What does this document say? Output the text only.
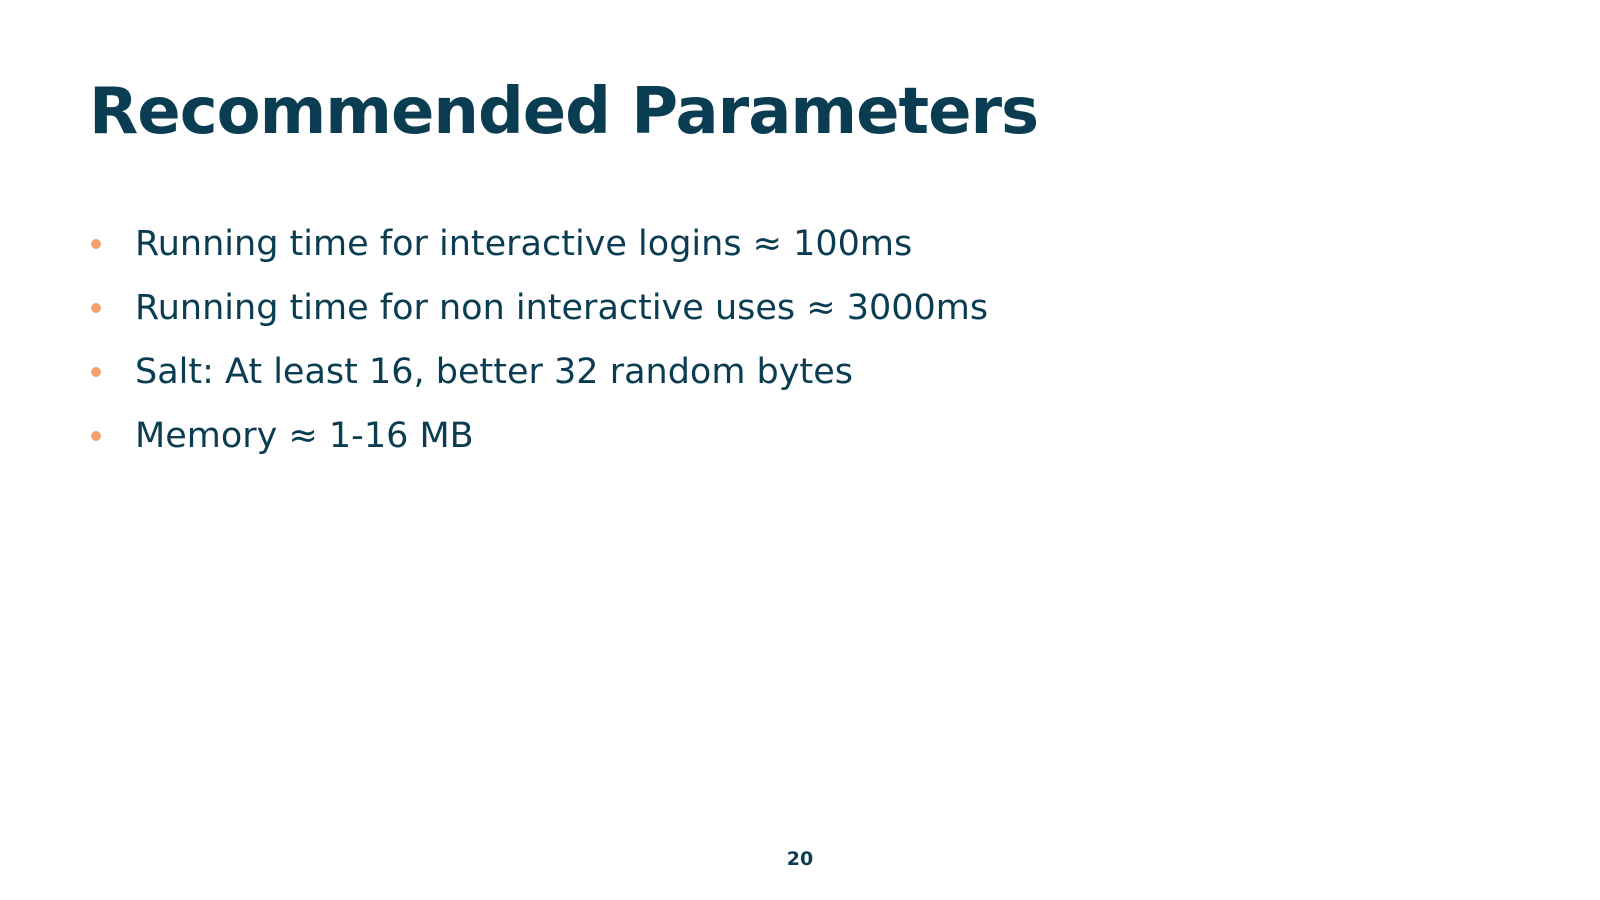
Recommended Parameters
Running time for interactive logins ≈ 100ms
Running time for non interactive uses ≈ 3000ms
Salt: At least 16, better 32 random bytes
Memory ≈ 1-16 MB
20
